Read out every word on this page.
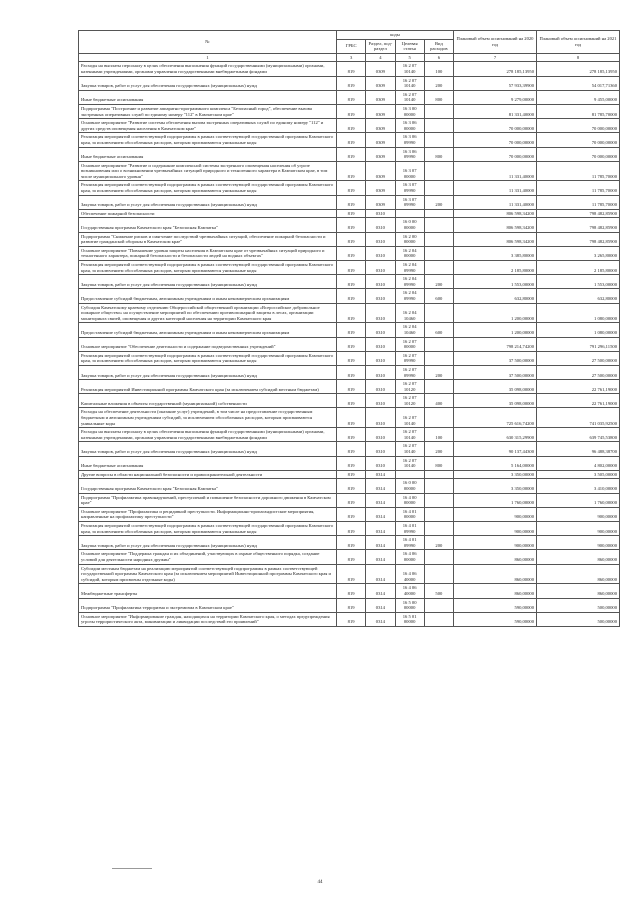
№	коды				Плановый объем ассигнований на 2020 год	Плановый объем ассигнований на 2021 год
	ГРБС	Раздел, под-раздел	Целевая статья	Вид расходов		
1	3	4	5	6	7	8
Расходы на выплаты персоналу в целях обеспечения выполнения функций государственными (муниципальными) органами, казенными учреждениями, органами управления государственными внебюджетными фондами	819	0309	16 2 07 10140	100	278 185,13950	278 185,13950
Закупка товаров, работ и услуг для обеспечения государственных (муниципальных) нужд	819	0309	16 2 07 10140	200	57 933,39900	54 017,71360
Иные бюджетные ассигнования	819	0309	16 2 07 10140	800	9 279,00000	9 455,00000
Подпрограмма "Построение и развитие аппаратно-программного комплекса "Безопасный город", обеспечение вызова экстренных оперативных служб по единому номеру "112" в Камчатском крае"	819	0309	16 3 00 00000		81 331,40000	81 785,70000
Основное мероприятие "Развитие системы обеспечения вызова экстренных оперативных служб по единому номеру "112" и других средств оповещения населения в Камчатском крае"	819	0309	16 3 06 00000		70 000,00000	70 000,00000
Реализация мероприятий соответствующей подпрограммы в рамках соответствующей государственной программы Камчатского края, за исключением обособленных расходов, которым присваиваются уникальные коды	819	0309	16 3 06 09990		70 000,00000	70 000,00000
Иные бюджетные ассигнования	819	0309	16 3 06 09990	800	70 000,00000	70 000,00000
Основное мероприятие "Развитие и содержание комплексной системы экстренного оповещения населения об угрозе возникновения или о возникновении чрезвычайных ситуаций природного и техногенного характера в Камчатском крае, в том числе муниципального уровня"	819	0309	16 3 07 00000		11 331,40000	11 785,70000
Реализация мероприятий соответствующей подпрограммы в рамках соответствующей государственной программы Камчатского края, за исключением обособленных расходов, которым присваиваются уникальные коды	819	0309	16 3 07 09990		11 331,40000	11 785,70000
Закупка товаров, работ и услуг для обеспечения государственных (муниципальных) нужд	819	0309	16 3 07 09990	200	11 331,40000	11 785,70000
Обеспечение пожарной безопасности	819	0310			806 598,34200	798 482,85900
Государственная программа Камчатского края "Безопасная Камчатка"	819	0310	16 0 00 00000		806 598,34200	798 482,85900
Подпрограмма "Снижение рисков и смягчение последствий чрезвычайных ситуаций, обеспечение пожарной безопасности и развитие гражданской обороны в Камчатском крае"	819	0310	16 2 00 00000		806 598,34200	798 482,85900
Основное мероприятие "Повышение уровня защиты населения в Камчатском крае от чрезвычайных ситуаций природного и техногенного характера, пожарной безопасности и безопасности людей на водных объектах"	819	0310	16 2 04 00000		3 385,80000	3 265,80000
Реализация мероприятий соответствующей подпрограммы в рамках соответствующей государственной программы Камчатского края, за исключением обособленных расходов, которым присваиваются уникальные коды	819	0310	16 2 04 09990		2 185,80000	2 185,80000
Закупка товаров, работ и услуг для обеспечения государственных (муниципальных) нужд	819	0310	16 2 04 09990	200	1 553,00000	1 553,00000
Предоставление субсидий бюджетным, автономным учреждениям и иным некоммерческим организациям	819	0310	16 2 04 09990	600	632,80000	632,80000
Субсидия Камчатскому краевому отделению Общероссийской общественной организации «Всероссийское добровольное пожарное общество» на осуществление мероприятий по обеспечению противопожарной защиты в лесах, организации мониторинга связей, оповещения и других категорий населения на территории Камчатского края	819	0310	16 2 04 10460		1 200,00000	1 080,00000
Предоставление субсидий бюджетным, автономным учреждениям и иным некоммерческим организациям	819	0310	16 2 04 10460	600	1 200,00000	1 080,00000
Основное мероприятие "Обеспечение деятельности и содержание подведомственных учреждений"	819	0310	16 2 07 00000		798 214,74200	791 296,11500
Реализация мероприятий соответствующей подпрограммы в рамках соответствующей государственной программы Камчатского края, за исключением обособленных расходов, которым присваиваются уникальные коды	819	0310	16 2 07 09990		37 500,00000	27 500,00000
Закупка товаров, работ и услуг для обеспечения государственных (муниципальных) нужд	819	0310	16 2 07 09990	200	37 500,00000	27 500,00000
Реализация мероприятий Инвестиционной программы Камчатского края (за исключением субсидий местным бюджетам)	819	0310	16 2 07 10120		35 098,00000	22 761,19000
Капитальные вложения в объекты государственной (муниципальной) собственности	819	0310	16 2 07 10120	400	35 098,00000	22 761,19000
Расходы на обеспечение деятельности (оказание услуг) учреждений, в том числе на предоставление государственным бюджетным и автономным учреждениям субсидий, за исключением обособленных расходов, которым присваиваются уникальные коды	819	0310	16 2 07 10140		725 616,74200	741 035,92500
Расходы на выплаты персоналу в целях обеспечения выполнения функций государственными (муниципальными) органами, казенными учреждениями, органами управления государственными внебюджетными фондами	819	0310	16 2 07 10140	100	630 315,29900	639 745,53800
Закупка товаров, работ и услуг для обеспечения государственных (муниципальных) нужд	819	0310	16 2 07 10140	200	90 137,44300	96 488,38700
Иные бюджетные ассигнования	819	0310	16 2 07 10140	800	5 164,00000	4 802,00000
Другие вопросы в области национальной безопасности и правоохранительной деятельности	819	0314			3 350,00000	3 505,00000
Государственная программа Камчатского края "Безопасная Камчатка"	819	0314	16 0 00 00000		3 350,00000	3 410,00000
Подпрограмма "Профилактика правонарушений, преступлений и повышение безопасности дорожного движения в Камчатском крае"	819	0314	16 4 00 00000		1 760,00000	1 760,00000
Основное мероприятие "Профилактика и рецидивной преступности. Информационно-пропагандистские мероприятия, направленные на профилактику преступности"	819	0314	16 4 01 00000		900,00000	900,00000
Реализация мероприятий соответствующей подпрограммы в рамках соответствующей государственной программы Камчатского края, за исключением обособленных расходов, которым присваиваются уникальные коды	819	0314	16 4 01 09990		900,00000	900,00000
Закупка товаров, работ и услуг для обеспечения государственных (муниципальных) нужд	819	0314	16 4 01 09990	200	900,00000	900,00000
Основное мероприятие "Поддержка граждан и их объединений, участвующих в охране общественного порядка, создание условий для деятельности народных дружин"	819	0314	16 4 06 00000		860,00000	860,00000
Субсидии местным бюджетам на реализацию мероприятий соответствующей подпрограммы в рамках соответствующей государственной программы Камчатского края (за исключением мероприятий Инвестиционной программы Камчатского края и субсидий, которым присвоены отдельные коды)	819	0314	16 4 06 40000		860,00000	860,00000
Межбюджетные трансферты	819	0314	16 4 06 40000	500	860,00000	860,00000
Подпрограмма "Профилактика терроризма и экстремизма в Камчатском крае"	819	0314	16 5 00 00000		590,00000	500,00000
Основное мероприятие "Информирование граждан, находящихся на территории Камчатского края, о методах предупреждения угрозы террористического акта, минимизации и ликвидации последствий его проявлений"	819	0314	16 5 01 00000		590,00000	500,00000
44
